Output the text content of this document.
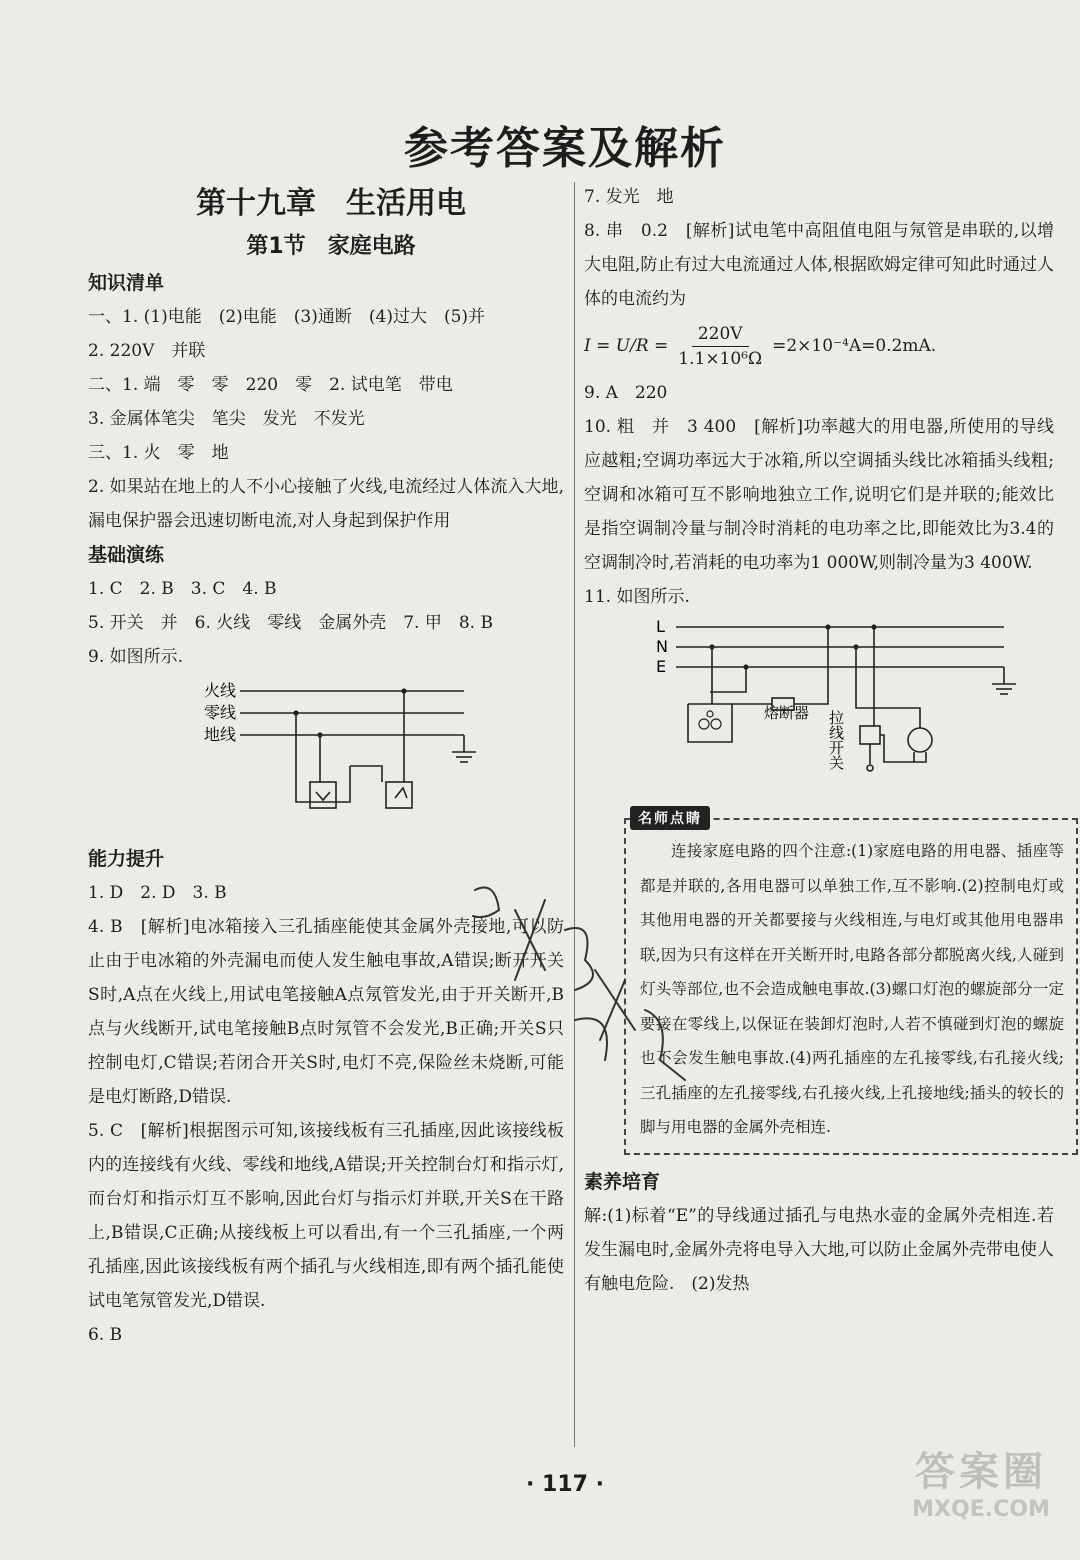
参考答案及解析
第十九章　生活用电
第1节　家庭电路
知识清单
一、1. (1)电能　(2)电能　(3)通断　(4)过大　(5)并
2. 220V　并联
二、1. 端　零　零　220　零　2. 试电笔　带电
3. 金属体笔尖　笔尖　发光　不发光
三、1. 火　零　地
2. 如果站在地上的人不小心接触了火线,电流经过人体流入大地,漏电保护器会迅速切断电流,对人身起到保护作用
基础演练
1. C　2. B　3. C　4. B
5. 开关　并　6. 火线　零线　金属外壳　7. 甲　8. B
9. 如图所示.
火线
零线
地线
能力提升
1. D　2. D　3. B
4. B　[解析]电冰箱接入三孔插座能使其金属外壳接地,可以防止由于电冰箱的外壳漏电而使人发生触电事故,A错误;断开开关S时,A点在火线上,用试电笔接触A点氖管发光,由于开关断开,B点与火线断开,试电笔接触B点时氖管不会发光,B正确;开关S只控制电灯,C错误;若闭合开关S时,电灯不亮,保险丝未烧断,可能是电灯断路,D错误.
5. C　[解析]根据图示可知,该接线板有三孔插座,因此该接线板内的连接线有火线、零线和地线,A错误;开关控制台灯和指示灯,而台灯和指示灯互不影响,因此台灯与指示灯并联,开关S在干路上,B错误,C正确;从接线板上可以看出,有一个三孔插座,一个两孔插座,因此该接线板有两个插孔与火线相连,即有两个插孔能使试电笔氖管发光,D错误.
6. B
7. 发光　地
8. 串　0.2　[解析]试电笔中高阻值电阻与氖管是串联的,以增大电阻,防止有过大电流通过人体,根据欧姆定律可知此时通过人体的电流约为
$I = U/R = \frac{220V}{\text{1.1×10⁶Ω}} =2\times 10^{-4}A=0.2mA$.
9. A　220
10. 粗　并　3 400　[解析]功率越大的用电器,所使用的导线应越粗;空调功率远大于冰箱,所以空调插头线比冰箱插头线粗;空调和冰箱可互不影响地独立工作,说明它们是并联的;能效比是指空调制冷量与制冷时消耗的电功率之比,即能效比为3.4的空调制冷时,若消耗的电功率为1 000W,则制冷量为3 400W.
11. 如图所示.
L
N
E
熔断器 拉线开关
名师点睛
连接家庭电路的四个注意:(1)家庭电路的用电器、插座等都是并联的,各用电器可以单独工作,互不影响.(2)控制电灯或其他用电器的开关都要接与火线相连,与电灯或其他用电器串联,因为只有这样在开关断开时,电路各部分都脱离火线,人碰到灯头等部位,也不会造成触电事故.(3)螺口灯泡的螺旋部分一定要接在零线上,以保证在装卸灯泡时,人若不慎碰到灯泡的螺旋也不会发生触电事故.(4)两孔插座的左孔接零线,右孔接火线;三孔插座的左孔接零线,右孔接火线,上孔接地线;插头的较长的脚与用电器的金属外壳相连.
素养培育
解:(1)标着“E”的导线通过插孔与电热水壶的金属外壳相连.若发生漏电时,金属外壳将电导入大地,可以防止金属外壳带电使人有触电危险.　(2)发热
· 117 ·	答案圈
MXQE.COM
